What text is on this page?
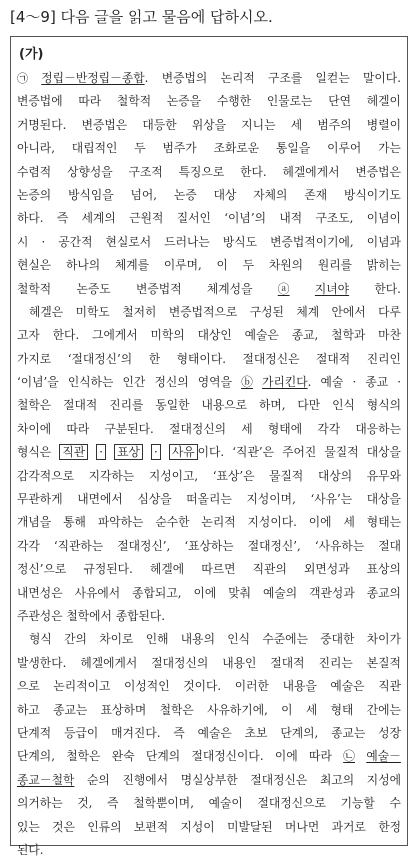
[4～9] 다음 글을 읽고 물음에 답하시오.
(가)
㉠ 정립－반정립－종합. 변증법의 논리적 구조를 일컫는 말이다.
변증법에 따라 철학적 논증을 수행한 인물로는 단연 헤겔이
거명된다. 변증법은 대등한 위상을 지니는 세 범주의 병렬이
아니라, 대립적인 두 범주가 조화로운 통일을 이루어 가는
수렴적 상향성을 구조적 특징으로 한다. 헤겔에게서 변증법은
논증의 방식임을 넘어, 논증 대상 자체의 존재 방식이기도
하다. 즉 세계의 근원적 질서인 ‘이념’의 내적 구조도, 이념이
시 · 공간적 현실로서 드러나는 방식도 변증법적이기에, 이념과
현실은 하나의 체계를 이루며, 이 두 차원의 원리를 밝히는
철학적 논증도 변증법적 체계성을 ⓐ 지녀야 한다.
헤겔은 미학도 철저히 변증법적으로 구성된 체계 안에서 다루
고자 한다. 그에게서 미학의 대상인 예술은 종교, 철학과 마찬
가지로 ‘절대정신’의 한 형태이다. 절대정신은 절대적 진리인
‘이념’을 인식하는 인간 정신의 영역을 ⓑ 가리킨다. 예술 · 종교 ·
철학은 절대적 진리를 동일한 내용으로 하며, 다만 인식 형식의
차이에 따라 구분된다. 절대정신의 세 형태에 각각 대응하는
형식은 직관 · 표상 · 사유 이다. ‘직관’은 주어진 물질적 대상을
감각적으로 지각하는 지성이고, ‘표상’은 물질적 대상의 유무와
무관하게 내면에서 심상을 떠올리는 지성이며, ‘사유’는 대상을
개념을 통해 파악하는 순수한 논리적 지성이다. 이에 세 형태는
각각 ‘직관하는 절대정신’, ‘표상하는 절대정신’, ‘사유하는 절대
정신’으로 규정된다. 헤겔에 따르면 직관의 외면성과 표상의
내면성은 사유에서 종합되고, 이에 맞춰 예술의 객관성과 종교의
주관성은
철학에서
종합된다.

형식 간의 차이로 인해 내용의 인식 수준에는 중대한 차이가
발생한다. 헤겔에게서 절대정신의 내용인 절대적 진리는 본질적
으로 논리적이고 이성적인 것이다. 이러한 내용을 예술은 직관
하고 종교는 표상하며 철학은 사유하기에, 이 세 형태 간에는
단계적 등급이 매겨진다. 즉 예술은 초보 단계의, 종교는 성장
단계의, 철학은 완숙 단계의 절대정신이다. 이에 따라 ㉡ 예술－
종교－철학 순의 진행에서 명실상부한 절대정신은 최고의 지성에
의거하는 것, 즉 철학뿐이며, 예술이 절대정신으로 기능할 수
있는 것은 인류의 보편적 지성이 미발달된 머나먼 과거로 한정
된다.
